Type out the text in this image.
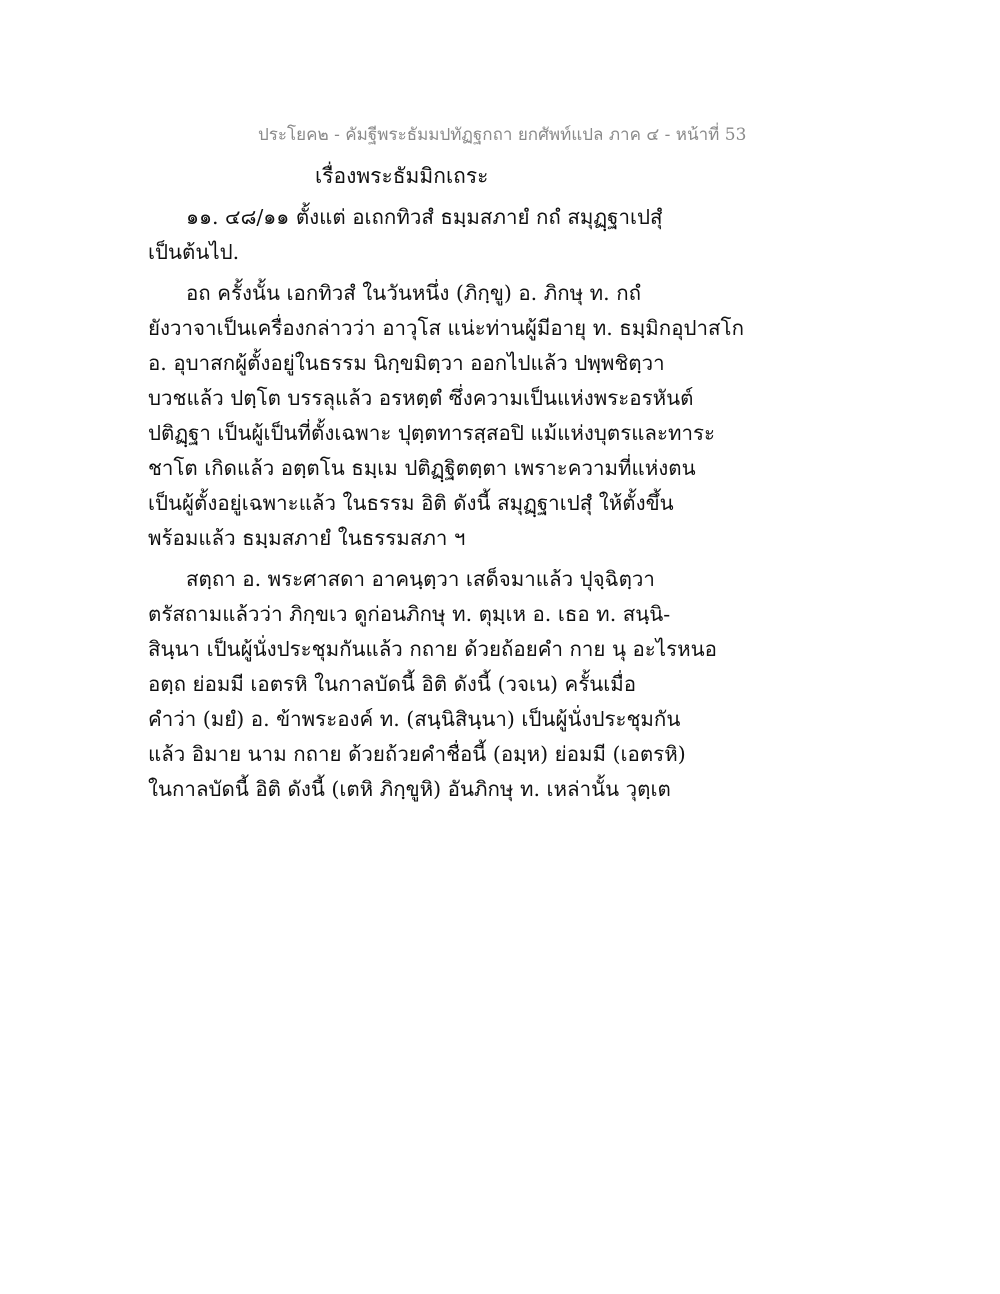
ประโยค๒ - คัมฐีพระธัมมปทัฏฐกถา ยกศัพท์แปล ภาค ๔ - หน้าที่ 53
เรื่องพระธัมมิกเถระ
๑๑. ๔๘/๑๑ ตั้งแต่ อเถกทิวสํ ธมฺมสภายํ กถํ สมุฏฺฐาเปสุํ
เป็นต้นไป.
อถ ครั้งนั้น เอกทิวสํ ในวันหนึ่ง (ภิกฺขู) อ. ภิกษุ ท. กถํ
ยังวาจาเป็นเครื่องกล่าวว่า อาวุโส แน่ะท่านผู้มีอายุ ท. ธมฺมิกอุปาสโก
อ. อุบาสกผู้ตั้งอยู่ในธรรม นิกฺขมิตฺวา ออกไปแล้ว ปพฺพชิตฺวา
บวชแล้ว ปตฺโต บรรลุแล้ว อรหตฺตํ ซึ่งความเป็นแห่งพระอรหันต์
ปติฏฺฐา เป็นผู้เป็นที่ตั้งเฉพาะ ปุตฺตทารสฺสอปิ แม้แห่งบุตรและทาระ
ชาโต เกิดแล้ว อตฺตโน ธมฺเม ปติฏฺฐิตตฺตา เพราะความที่แห่งตน
เป็นผู้ตั้งอยู่เฉพาะแล้ว ในธรรม อิติ ดังนี้ สมุฏฺฐาเปสุํ ให้ตั้งขึ้น
พร้อมแล้ว ธมฺมสภายํ ในธรรมสภา ฯ
สตฺถา อ. พระศาสดา อาคนฺตฺวา เสด็จมาแล้ว ปุจฺฉิตฺวา
ตรัสถามแล้วว่า ภิกฺขเว ดูก่อนภิกษุ ท. ตุมฺเห อ. เธอ ท. สนฺนิ-
สินฺนา เป็นผู้นั่งประชุมกันแล้ว กถาย ด้วยถ้อยคำ กาย นุ อะไรหนอ
อตฺถ ย่อมมี เอตรหิ ในกาลบัดนี้ อิติ ดังนี้ (วจเน) ครั้นเมื่อ
คำว่า (มยํ) อ. ข้าพระองค์ ท. (สนฺนิสินฺนา) เป็นผู้นั่งประชุมกัน
แล้ว อิมาย นาม กถาย ด้วยถ้วยคำชื่อนี้ (อมฺห) ย่อมมี (เอตรหิ)
ในกาลบัดนี้ อิติ ดังนี้ (เตหิ ภิกฺขูหิ) อันภิกษุ ท. เหล่านั้น วุตฺเต
